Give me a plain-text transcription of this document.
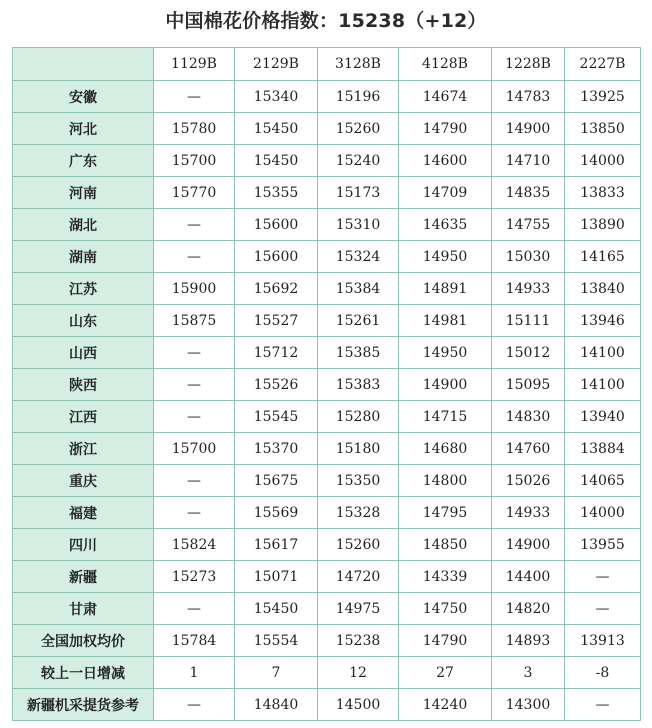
中国棉花价格指数：15238（+12）
	1129B	2129B	3128B	4128B	1228B	2227B
安徽	—	15340	15196	14674	14783	13925
河北	15780	15450	15260	14790	14900	13850
广东	15700	15450	15240	14600	14710	14000
河南	15770	15355	15173	14709	14835	13833
湖北	—	15600	15310	14635	14755	13890
湖南	—	15600	15324	14950	15030	14165
江苏	15900	15692	15384	14891	14933	13840
山东	15875	15527	15261	14981	15111	13946
山西	—	15712	15385	14950	15012	14100
陕西	—	15526	15383	14900	15095	14100
江西	—	15545	15280	14715	14830	13940
浙江	15700	15370	15180	14680	14760	13884
重庆	—	15675	15350	14800	15026	14065
福建	—	15569	15328	14795	14933	14000
四川	15824	15617	15260	14850	14900	13955
新疆	15273	15071	14720	14339	14400	—
甘肃	—	15450	14975	14750	14820	—
全国加权均价	15784	15554	15238	14790	14893	13913
较上一日增减	1	7	12	27	3	-8
新疆机采提货参考	—	14840	14500	14240	14300	—
